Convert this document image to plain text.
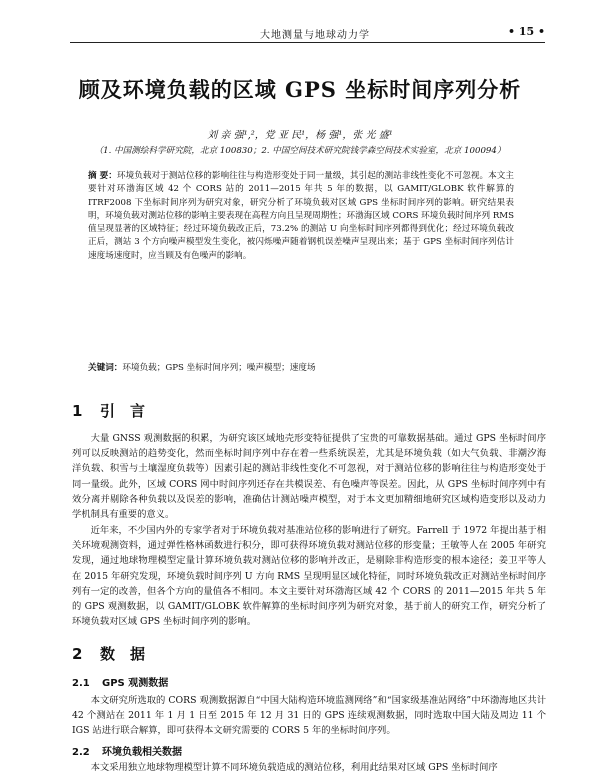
大地测量与地球动力学	• 15 •
顾及环境负载的区域 GPS 坐标时间序列分析
刘 亲 强¹,²，党 亚 民¹，杨 强¹，张 光 盛¹
（1. 中国测绘科学研究院，北京 100830；2. 中国空间技术研究院钱学森空间技术实验室，北京 100094）
摘 要：环境负载对于测站位移的影响往往与构造形变处于同一量级，其引起的测站非线性变化不可忽视。本文主要针对环渤海区域 42 个 CORS 站的 2011—2015 年共 5 年的数据，以 GAMIT/GLOBK 软件解算的 ITRF2008 下坐标时间序列为研究对象，研究分析了环境负载对区域 GPS 坐标时间序列的影响。研究结果表明，环境负载对测站位移的影响主要表现在高程方向且呈现周期性；环渤海区域 CORS 环境负载时间序列 RMS 值呈现显著的区域特征；经过环境负载改正后，73.2% 的测站 U 向坐标时间序列都得到优化；经过环境负载改正后，测站 3 个方向噪声模型发生变化，被闪烁噪声随着钢机误差噪声呈现出来；基于 GPS 坐标时间序列估计速度场速度时，应当顾及有色噪声的影响。
关键词：环境负载；GPS 坐标时间序列；噪声模型；速度场
1 引　言
大量 GNSS 观测数据的积累，为研究该区域地壳形变特征提供了宝贵的可靠数据基础。通过 GPS 坐标时间序列可以反映测站的趋势变化，然而坐标时间序列中存在着一些系统误差，尤其是环境负载（如大气负载、非潮汐海洋负载、积雪与土壤湿度负载等）因素引起的测站非线性变化不可忽视，对于测站位移的影响往往与构造形变处于同一量级。此外，区域 CORS 网中时间序列还存在共模误差、有色噪声等误差。因此，从 GPS 坐标时间序列中有效分离并剔除各种负载以及误差的影响，准确估计测站噪声模型，对于本文更加精细地研究区域构造变形以及动力学机制具有重要的意义。
近年来，不少国内外的专家学者对于环境负载对基准站位移的影响进行了研究。Farrell 于 1972 年提出基于相关环境观测资料，通过弹性格林函数进行积分，即可获得环境负载对测站位移的形变量；王敏等人在 2005 年研究发现，通过地球物理模型定量计算环境负载对测站位移的影响并改正，是剔除非构造形变的根本途径；姜卫平等人在 2015 年研究发现，环境负载时间序列 U 方向 RMS 呈现明显区域化特征，同时环境负载改正对测站坐标时间序列有一定的改善，但各个方向的量值各不相同。本文主要针对环渤海区域 42 个 CORS 的 2011—2015 年共 5 年的 GPS 观测数据，以 GAMIT/GLOBK 软件解算的坐标时间序列为研究对象，基于前人的研究工作，研究分析了环境负载对区域 GPS 坐标时间序列的影响。
2 数　据
2.1 GPS 观测数据
本文研究所选取的 CORS 观测数据源自“中国大陆构造环境监测网络”和“国家级基准站网络”中环渤海地区共计 42 个测站在 2011 年 1 月 1 日至 2015 年 12 月 31 日的 GPS 连续观测数据，同时选取中国大陆及周边 11 个 IGS 站进行联合解算，即可获得本文研究需要的 CORS 5 年的坐标时间序列。
2.2 环境负载相关数据
本文采用独立地球物理模型计算不同环境负载造成的测站位移，利用此结果对区域 GPS 坐标时间序
